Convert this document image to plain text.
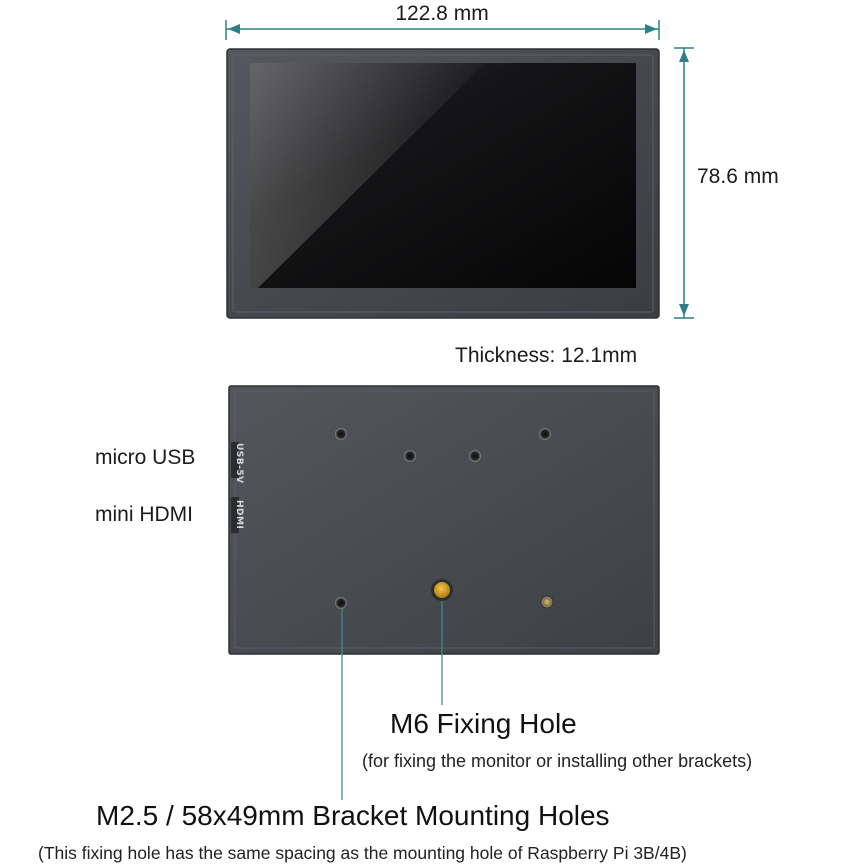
122.8 mm
78.6 mm
Thickness: 12.1mm
micro USB
mini HDMI
USB-5V
HDMI
M6 Fixing Hole
(for fixing the monitor or installing other brackets)
M2.5 / 58x49mm Bracket Mounting Holes
(This fixing hole has the same spacing as the mounting hole of Raspberry Pi 3B/4B)
